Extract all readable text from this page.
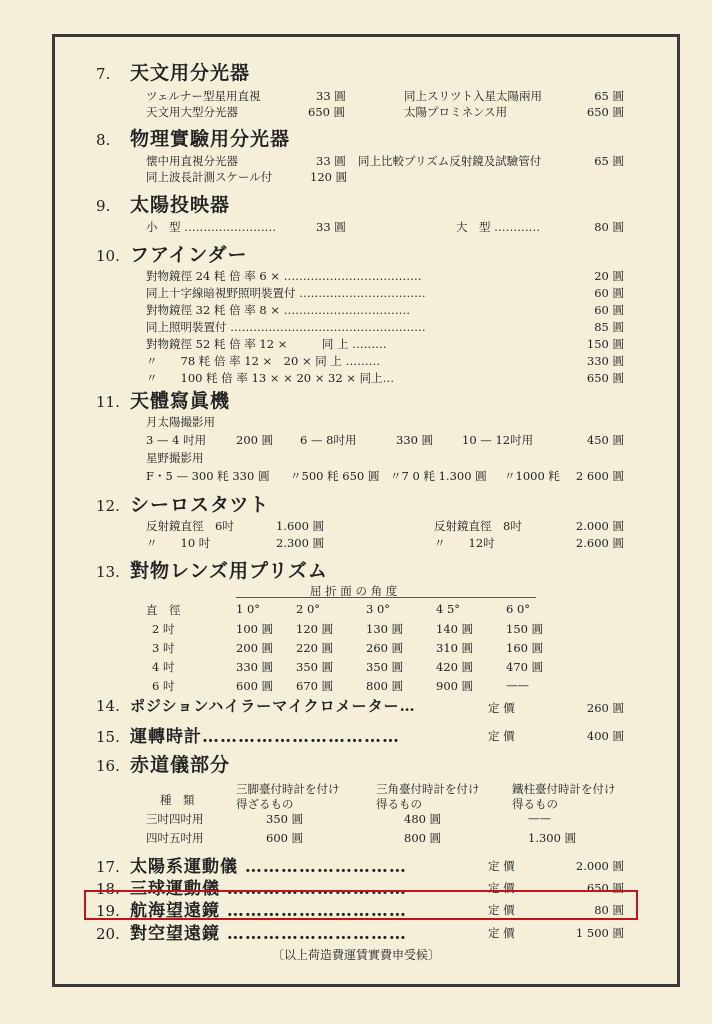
7. 天文用分光器
ツェルナー型星用直視	33 圓	同上スリツト入星太陽兩用	65 圓
天文用大型分光器	650 圓	太陽プロミネンス用	650 圓
8. 物理實驗用分光器
懐中用直視分光器	33 圓 同上比較プリズム反射鏡及試驗管付	65 圓
同上波長計測スケール付	120 圓
9. 太陽投映器
小　型 ……………………	33 圓	大　型 …………	80 圓
10. フアインダー
對物鏡徑 24 粍 倍 率 6 × ………………………………	20 圓
同上十字線暗視野照明裝置付 ……………………………	60 圓
對物鏡徑 32 粍 倍 率 8 × ……………………………	60 圓
同上照明裝置付 ……………………………………………	85 圓
對物鏡徑 52 粍 倍 率 12 ×　　　同 上 ………	150 圓
〃　　78 粍 倍 率 12 ×　20 × 同 上 ………	330 圓
〃　　100 粍 倍 率 13 × × 20 × 32 × 同上…	650 圓
11. 天體寫眞機
月太陽撮影用
3 — 4 吋用	200 圓 6 — 8吋用	330 圓	10 — 12吋用	450 圓
星野撮影用
F・5 — 300 粍 330 圓 〃500 粍 650 圓 〃7 0 粍 1.300 圓 〃1000 粍	2 600 圓
12. シーロスタツト
反射鏡直徑　6吋	1.600 圓	反射鏡直徑　8吋	2.000 圓
〃　　10 吋	2.300 圓	〃　　12吋	2.600 圓
13. 對物レンズ用プリズム
屈 折 面 の 角 度
直　徑	1 0°	2 0°	3 0°	4 5°	6 0°
2 吋	100 圓 120 圓	130 圓	140 圓	150 圓
3 吋	200 圓 220 圓	260 圓	310 圓	160 圓
4 吋	330 圓 350 圓	350 圓	420 圓	470 圓
6 吋	600 圓 670 圓	800 圓	900 圓	——
14. ポジションハイラーマイクロメーター…	定 價	260 圓
15. 運轉時計……………………………	定 價	400 圓
16. 赤道儀部分
種　類
三脚臺付時計を付け得ざるもの
三角臺付時計を付け得るもの
鐵柱臺付時計を付け得るもの
三吋四吋用	350 圓	480 圓	——
四吋五吋用	600 圓	800 圓	1.300 圓
17. 太陽系運動儀 ………………………	定 價	2.000 圓
18. 三球運動儀 …………………………	定 價	650 圓
19. 航海望遠鏡 …………………………	定 價	80 圓
20. 對空望遠鏡 …………………………	定 價	1 500 圓
〔以上荷造費運賃實費申受候〕
